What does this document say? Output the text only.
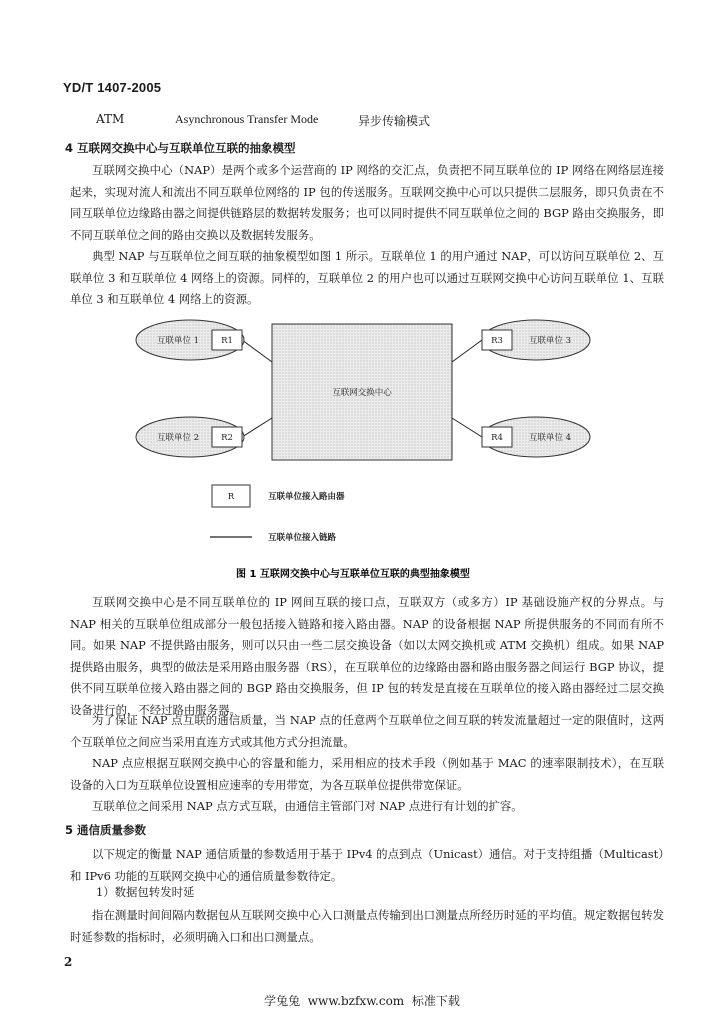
YD/T 1407-2005
ATM	Asynchronous Transfer Mode	异步传输模式
4 互联网交换中心与互联单位互联的抽象模型

互联网交换中心（NAP）是两个或多个运营商的 IP 网络的交汇点，负责把不同互联单位的 IP 网络在网络层连接起来，实现对流人和流出不同互联单位网络的 IP 包的传送服务。互联网交换中心可以只提供二层服务，即只负责在不同互联单位边缘路由器之间提供链路层的数据转发服务；也可以同时提供不同互联单位之间的 BGP 路由交换服务，即不同互联单位之间的路由交换以及数据转发服务。

典型 NAP 与互联单位之间互联的抽象模型如图 1 所示。互联单位 1 的用户通过 NAP，可以访问互联单位 2、互联单位 3 和互联单位 4 网络上的资源。同样的，互联单位 2 的用户也可以通过互联网交换中心访问互联单位 1、互联单位 3 和互联单位 4 网络上的资源。

互联网交换中心
互联单位 1	R1
互联单位 2	R2
互联单位 3
R3
互联单位 4
R4
R	互联单位接入路由器
互联单位接入链路
图 1 互联网交换中心与互联单位互联的典型抽象模型

互联网交换中心是不同互联单位的 IP 网间互联的接口点，互联双方（或多方）IP 基础设施产权的分界点。与 NAP 相关的互联单位组成部分一般包括接入链路和接入路由器。NAP 的设备根据 NAP 所提供服务的不同而有所不同。如果 NAP 不提供路由服务，则可以只由一些二层交换设备（如以太网交换机或 ATM 交换机）组成。如果 NAP 提供路由服务，典型的做法是采用路由服务器（RS），在互联单位的边缘路由器和路由服务器之间运行 BGP 协议，提供不同互联单位接入路由器之间的 BGP 路由交换服务，但 IP 包的转发是直接在互联单位的接入路由器经过二层交换设备进行的，不经过路由服务器。

为了保证 NAP 点互联的通信质量，当 NAP 点的任意两个互联单位之间互联的转发流量超过一定的限值时，这两个互联单位之间应当采用直连方式或其他方式分担流量。

NAP 点应根据互联网交换中心的容量和能力，采用相应的技术手段（例如基于 MAC 的速率限制技术），在互联设备的入口为互联单位设置相应速率的专用带宽，为各互联单位提供带宽保证。

互联单位之间采用 NAP 点方式互联，由通信主管部门对 NAP 点进行有计划的扩容。

5 通信质量参数

以下规定的衡量 NAP 通信质量的参数适用于基于 IPv4 的点到点（Unicast）通信。对于支持组播（Multicast）和 IPv6 功能的互联网交换中心的通信质量参数待定。

1）数据包转发时延

指在测量时间间隔内数据包从互联网交换中心入口测量点传输到出口测量点所经历时延的平均值。规定数据包转发时延参数的指标时，必须明确入口和出口测量点。

2
学兔兔  www.bzfxw.com  标准下载
